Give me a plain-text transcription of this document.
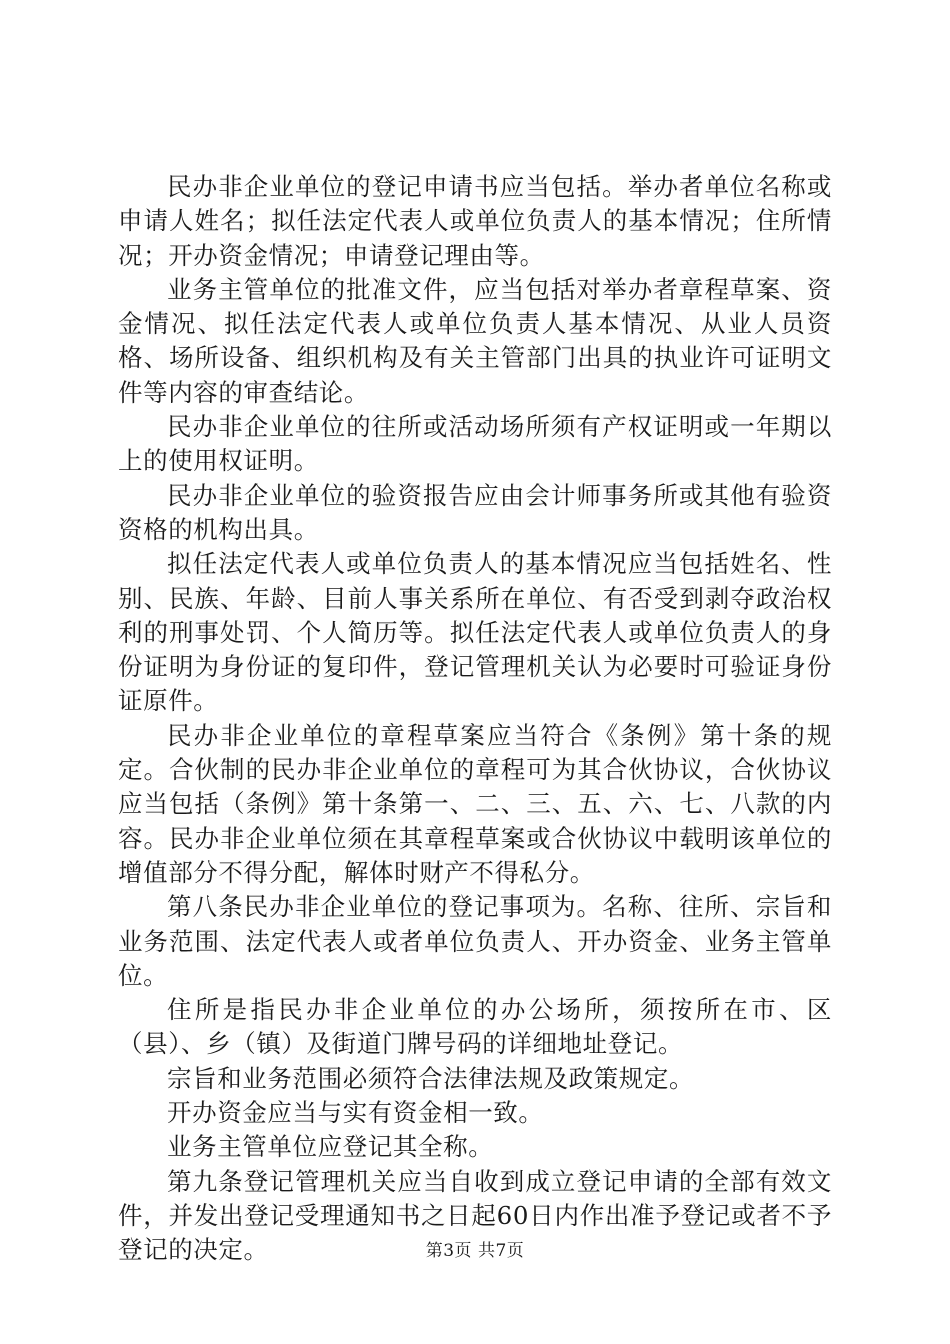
民办非企业单位的登记申请书应当包括。举办者单位名称或申请人姓名；拟任法定代表人或单位负责人的基本情况；住所情况；开办资金情况；申请登记理由等。

业务主管单位的批准文件，应当包括对举办者章程草案、资金情况、拟任法定代表人或单位负责人基本情况、从业人员资格、场所设备、组织机构及有关主管部门出具的执业许可证明文件等内容的审查结论。

民办非企业单位的往所或活动场所须有产权证明或一年期以上的使用权证明。

民办非企业单位的验资报告应由会计师事务所或其他有验资资格的机构出具。

拟任法定代表人或单位负责人的基本情况应当包括姓名、性别、民族、年龄、目前人事关系所在单位、有否受到剥夺政治权利的刑事处罚、个人简历等。拟任法定代表人或单位负责人的身份证明为身份证的复印件，登记管理机关认为必要时可验证身份证原件。

民办非企业单位的章程草案应当符合《条例》第十条的规定。合伙制的民办非企业单位的章程可为其合伙协议，合伙协议应当包括（条例》第十条第一、二、三、五、六、七、八款的内容。民办非企业单位须在其章程草案或合伙协议中载明该单位的增值部分不得分配，解体时财产不得私分。

第八条民办非企业单位的登记事项为。名称、往所、宗旨和业务范围、法定代表人或者单位负责人、开办资金、业务主管单位。

住所是指民办非企业单位的办公场所，须按所在市、区（县）、乡（镇）及街道门牌号码的详细地址登记。

宗旨和业务范围必须符合法律法规及政策规定。

开办资金应当与实有资金相一致。

业务主管单位应登记其全称。

第九条登记管理机关应当自收到成立登记申请的全部有效文件，并发出登记受理通知书之日起60日内作出准予登记或者不予登记的决定。	第3页 共7页
